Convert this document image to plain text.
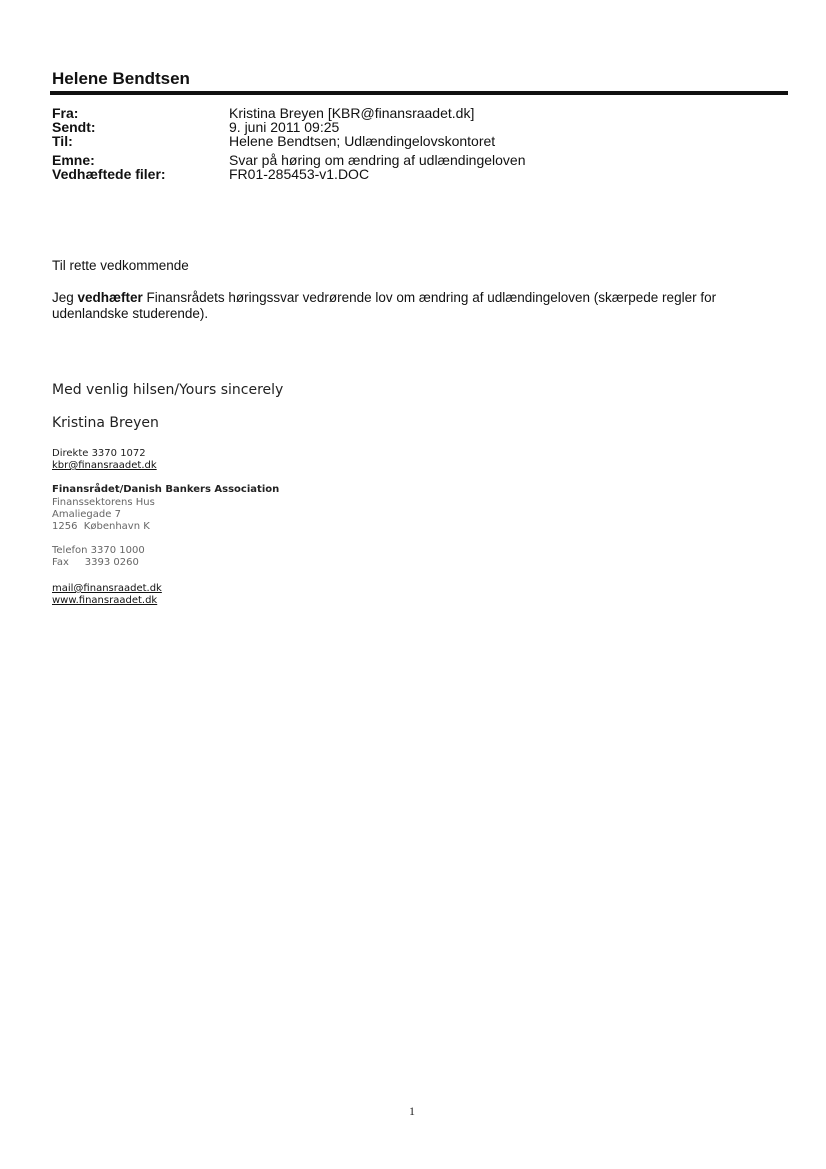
Helene Bendtsen
Fra:	Kristina Breyen [KBR@finansraadet.dk]
Sendt:	9. juni 2011 09:25
Til:	Helene Bendtsen; Udlændingelovskontoret
Emne:	Svar på høring om ændring af udlændingeloven
Vedhæftede filer:	FR01-285453-v1.DOC
Til rette vedkommende
Jeg vedhæfter Finansrådets høringssvar vedrørende lov om ændring af udlændingeloven (skærpede regler for udenlandske studerende).
Med venlig hilsen/Yours sincerely
Kristina Breyen
Direkte 3370 1072
kbr@finansraadet.dk
Finansrådet/Danish Bankers Association
Finanssektorens Hus
Amaliegade 7
1256  København K
Telefon 3370 1000
Fax     3393 0260
mail@finansraadet.dk
www.finansraadet.dk
1
